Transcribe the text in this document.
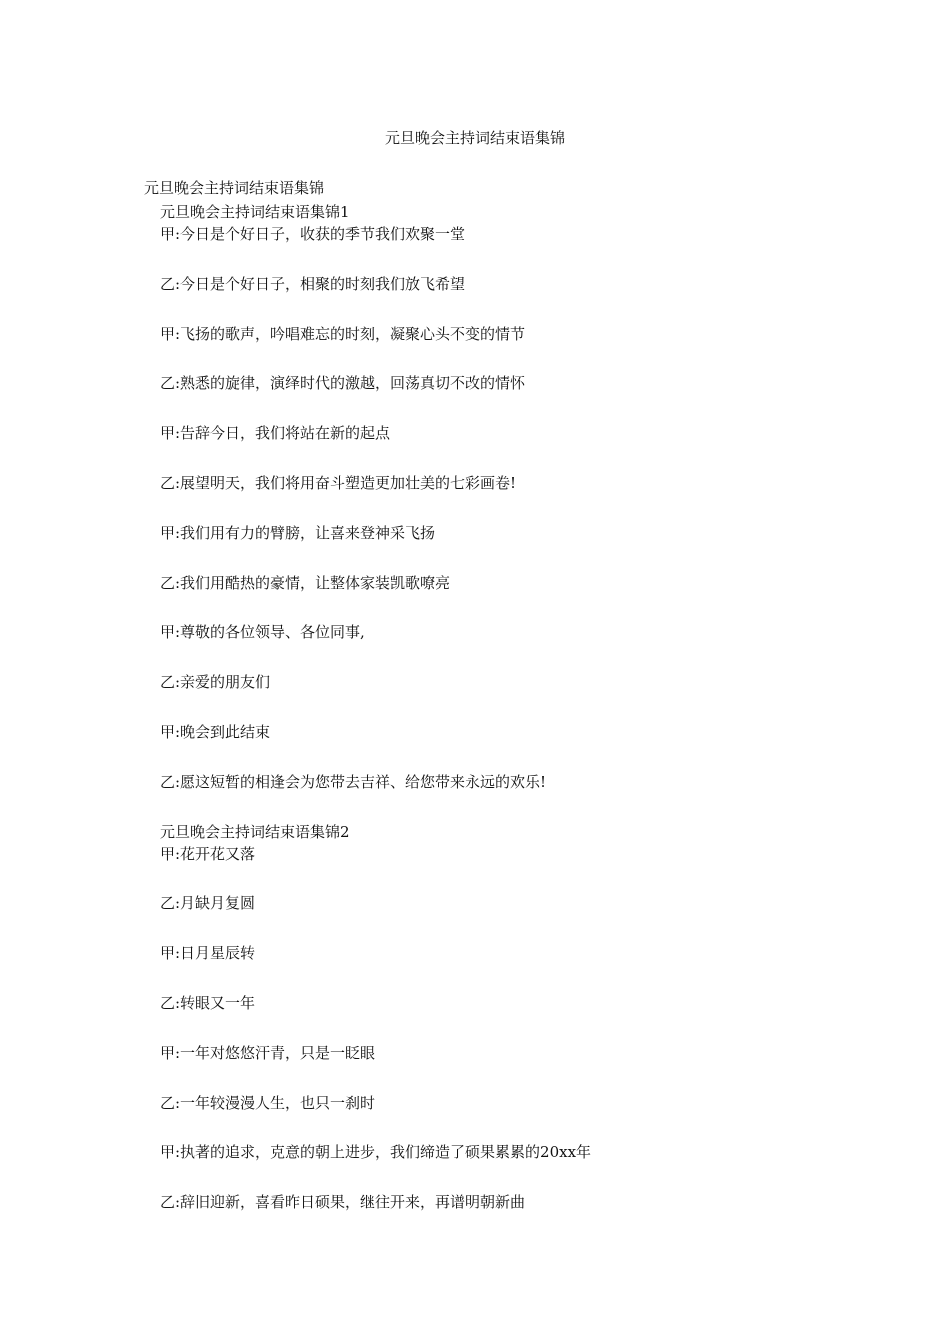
元旦晚会主持词结束语集锦
元旦晚会主持词结束语集锦
元旦晚会主持词结束语集锦1
甲:今日是个好日子，收获的季节我们欢聚一堂
乙:今日是个好日子，相聚的时刻我们放飞希望
甲:飞扬的歌声，吟唱难忘的时刻，凝聚心头不变的情节
乙:熟悉的旋律，演绎时代的激越，回荡真切不改的情怀
甲:告辞今日，我们将站在新的起点
乙:展望明天，我们将用奋斗塑造更加壮美的七彩画卷!
甲:我们用有力的臂膀，让喜来登神采飞扬
乙:我们用酷热的豪情，让整体家装凯歌嘹亮
甲:尊敬的各位领导、各位同事,
乙:亲爱的朋友们
甲:晚会到此结束
乙:愿这短暂的相逢会为您带去吉祥、给您带来永远的欢乐!
元旦晚会主持词结束语集锦2
甲:花开花又落
乙:月缺月复圆
甲:日月星辰转
乙:转眼又一年
甲:一年对悠悠汗青，只是一眨眼
乙:一年较漫漫人生，也只一刹时
甲:执著的追求，克意的朝上进步，我们缔造了硕果累累的20xx年
乙:辞旧迎新，喜看昨日硕果，继往开来，再谱明朝新曲
